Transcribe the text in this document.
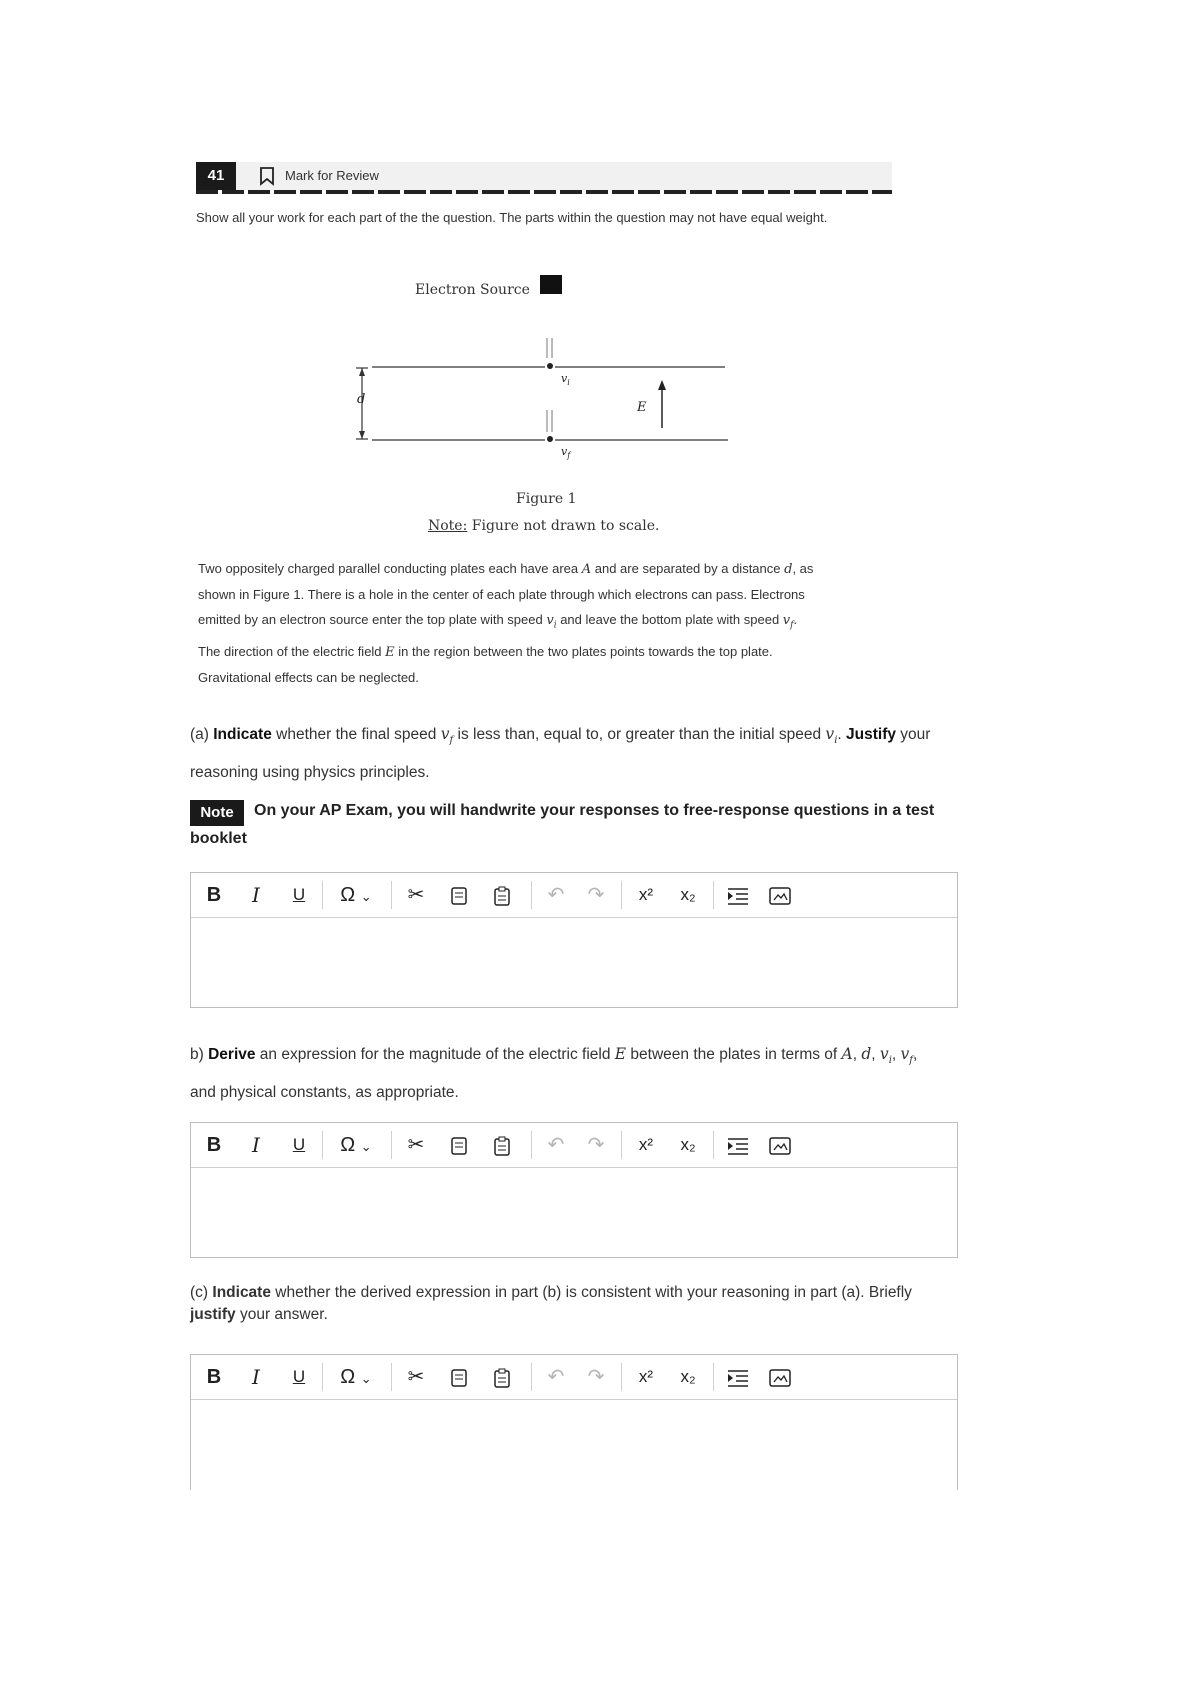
41	Mark for Review
Show all your work for each part of the the question. The parts within the question may not have equal weight.
Electron Source
d
$v_i$
E
$v_f$
Figure 1
Note: Figure not drawn to scale.
Two oppositely charged parallel conducting plates each have area A and are separated by a distance d, as
shown in Figure 1. There is a hole in the center of each plate through which electrons can pass. Electrons
emitted by an electron source enter the top plate with speed $v_i$ and leave the bottom plate with speed $v_f$.
The direction of the electric field E in the region between the two plates points towards the top plate.
Gravitational effects can be neglected.
(a) Indicate whether the final speed $v_f$ is less than, equal to, or greater than the initial speed $v_i$. Justify your
reasoning using physics principles.
Note	On your AP Exam, you will handwrite your responses to free-response questions in a test
booklet
B	I	U	Ω ⌄	✂	↶	↷	x²	x₂
b) Derive an expression for the magnitude of the electric field E between the plates in terms of A, d, $v_i$, $v_f$,
and physical constants, as appropriate.
B	I	U	Ω ⌄	✂	↶	↷	x²	x₂
(c) Indicate whether the derived expression in part (b) is consistent with your reasoning in part (a). Briefly
justify your answer.
B	I	U	Ω ⌄	✂	↶	↷	x²	x₂
